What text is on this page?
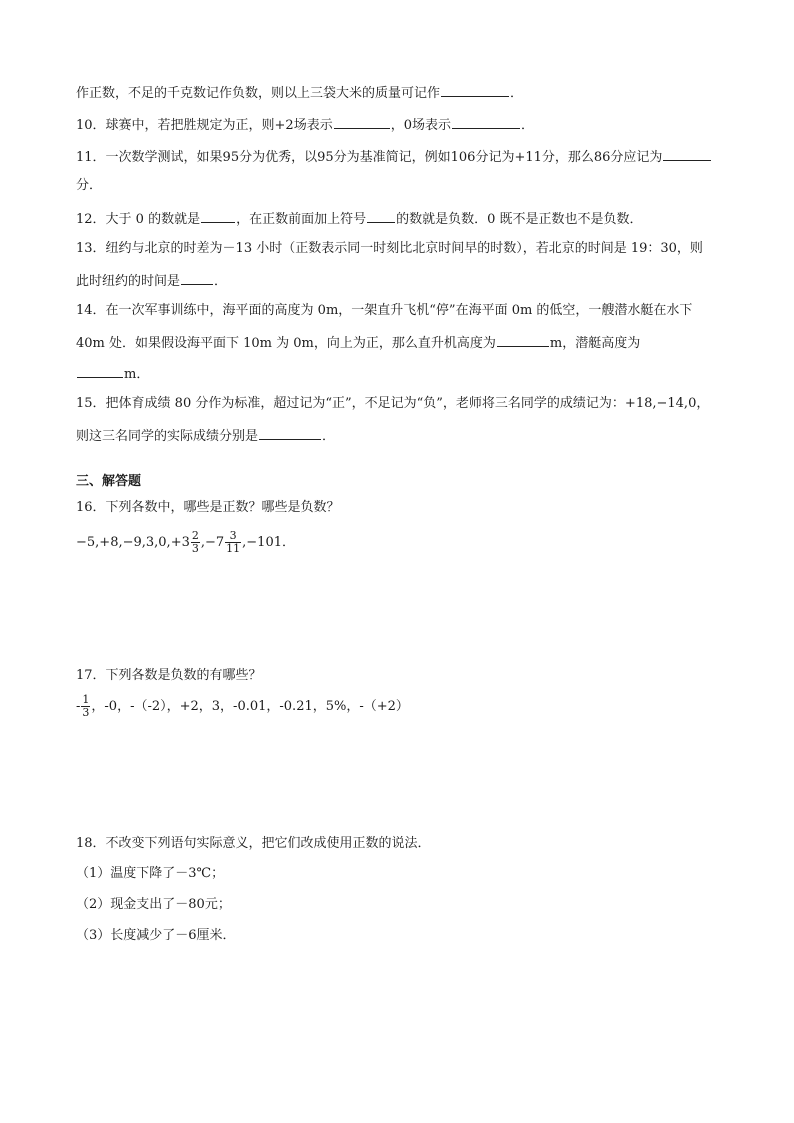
作正数，不足的千克数记作负数，则以上三袋大米的质量可记作	．
10．球赛中，若把胜规定为正，则+2场表示	，0场表示	．
11．一次数学测试，如果95分为优秀，以95分为基准简记，例如106分记为+11分，那么86分应记为
分．
12．大于 0 的数就是	，在正数前面加上符号 的数就是负数．0 既不是正数也不是负数．
13．纽约与北京的时差为－13 小时（正数表示同一时刻比北京时间早的时数），若北京的时间是 19：30，则
此时纽约的时间是	．
14．在一次军事训练中，海平面的高度为 0m，一架直升飞机“停”在海平面 0m 的低空，一艘潜水艇在水下
40m 处．如果假设海平面下 10m 为 0m，向上为正，那么直升机高度为	m，潜艇高度为
m．
15．把体育成绩 80 分作为标准，超过记为“正”，不足记为“负”，老师将三名同学的成绩记为：+18,−14,0，
则这三名同学的实际成绩分别是	．
三、解答题
16．下列各数中，哪些是正数？哪些是负数？
$-5,+8,-9,3,0,+3 \frac{2}{3} ,-7 \frac{3}{11} ,-101$．
17．下列各数是负数的有哪些？
- $\frac{1}{3}$ ，-0，-（-2），+2，3，-0.01，-0.21，5%，-（+2）
18．不改变下列语句实际意义，把它们改成使用正数的说法．
（1）温度下降了－3℃；
（2）现金支出了－80元；
（3）长度减少了－6厘米．
